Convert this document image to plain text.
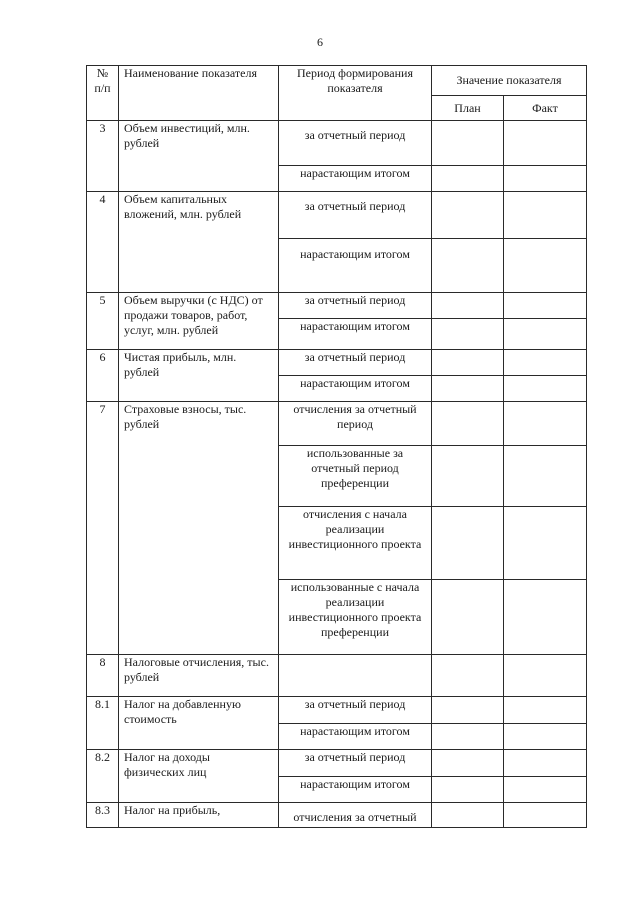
6
№ п/п	Наименование показателя	Период формирования показателя	Значение показателя	
			План	Факт
3	Объем инвестиций, млн. рублей	за отчетный период		
		нарастающим итогом		
4	Объем капитальных вложений, млн. рублей	за отчетный период		
		нарастающим итогом		
5	Объем выручки (с НДС) от продажи товаров, работ, услуг, млн. рублей	за отчетный период		
		нарастающим итогом		
6	Чистая прибыль, млн. рублей	за отчетный период		
		нарастающим итогом		
7	Страховые взносы, тыс. рублей	отчисления за отчетный период		
		использованные за отчетный период преференции		
		отчисления с начала реализации инвестиционного проекта		
		использованные с начала реализации инвестиционного проекта преференции		
8	Налоговые отчисления, тыс. рублей			
8.1	Налог на добавленную стоимость	за отчетный период		
		нарастающим итогом		
8.2	Налог на доходы физических лиц	за отчетный период		
		нарастающим итогом		
8.3	Налог на прибыль,	отчисления за отчетный		
